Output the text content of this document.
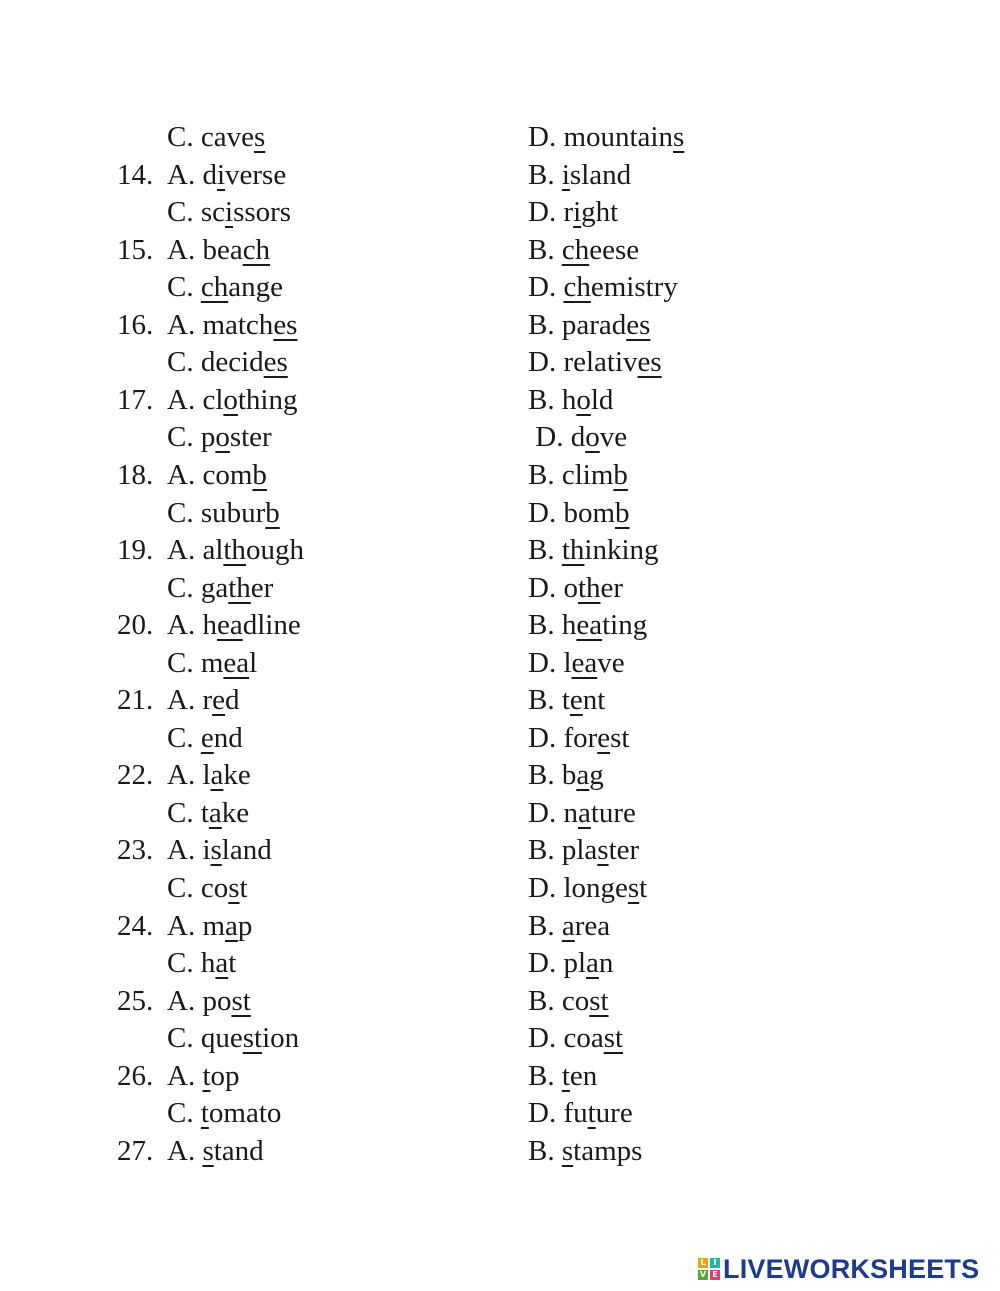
C. caves	D. mountains
14. A. diverse	B. island
C. scissors	D. right
15. A. beach	B. cheese
C. change	D. chemistry
16. A. matches	B. parades
C. decides	D. relatives
17. A. clothing	B. hold
C. poster	D. dove
18. A. comb	B. climb
C. suburb	D. bomb
19. A. although	B. thinking
C. gather	D. other
20. A. headline	B. heating
C. meal	D. leave
21. A. red	B. tent
C. end	D. forest
22. A. lake	B. bag
C. take	D. nature
23. A. island	B. plaster
C. cost	D. longest
24. A. map	B. area
C. hat	D. plan
25. A. post	B. cost
C. question	D. coast
26. A. top	B. ten
C. tomato	D. future
27. A. stand	B. stamps
L I
V E LIVEWORKSHEETS
